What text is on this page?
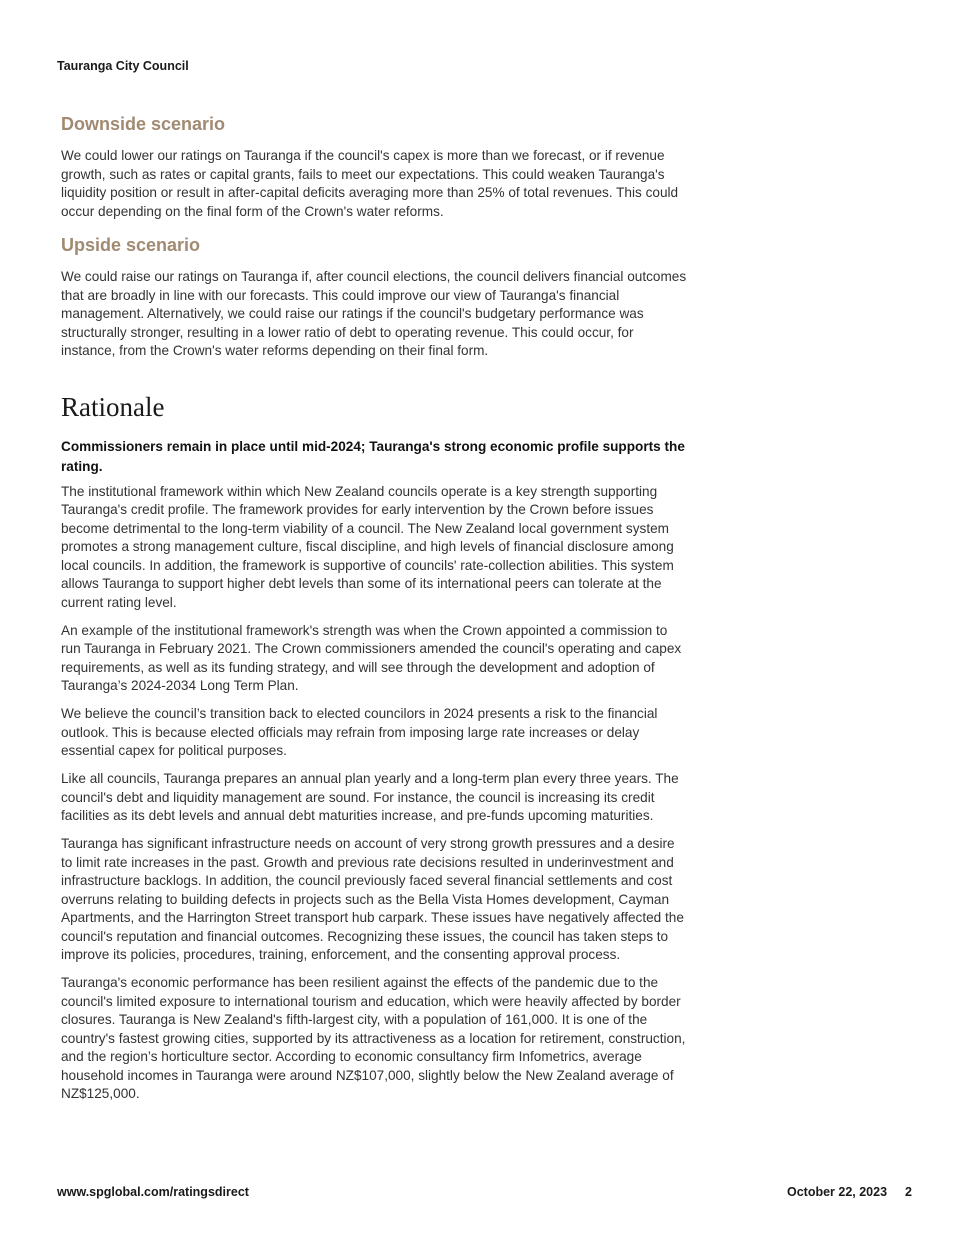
Tauranga City Council
Downside scenario

We could lower our ratings on Tauranga if the council's capex is more than we forecast, or if revenue growth, such as rates or capital grants, fails to meet our expectations. This could weaken Tauranga's liquidity position or result in after-capital deficits averaging more than 25% of total revenues. This could occur depending on the final form of the Crown's water reforms.

Upside scenario

We could raise our ratings on Tauranga if, after council elections, the council delivers financial outcomes that are broadly in line with our forecasts. This could improve our view of Tauranga's financial management. Alternatively, we could raise our ratings if the council's budgetary performance was structurally stronger, resulting in a lower ratio of debt to operating revenue. This could occur, for instance, from the Crown's water reforms depending on their final form.

Rationale

Commissioners remain in place until mid-2024; Tauranga's strong economic profile supports the rating.

The institutional framework within which New Zealand councils operate is a key strength supporting Tauranga's credit profile. The framework provides for early intervention by the Crown before issues become detrimental to the long-term viability of a council. The New Zealand local government system promotes a strong management culture, fiscal discipline, and high levels of financial disclosure among local councils. In addition, the framework is supportive of councils' rate-collection abilities. This system allows Tauranga to support higher debt levels than some of its international peers can tolerate at the current rating level.

An example of the institutional framework's strength was when the Crown appointed a commission to run Tauranga in February 2021. The Crown commissioners amended the council's operating and capex requirements, as well as its funding strategy, and will see through the development and adoption of Tauranga’s 2024-2034 Long Term Plan.

We believe the council’s transition back to elected councilors in 2024 presents a risk to the financial outlook. This is because elected officials may refrain from imposing large rate increases or delay essential capex for political purposes.

Like all councils, Tauranga prepares an annual plan yearly and a long-term plan every three years. The council's debt and liquidity management are sound. For instance, the council is increasing its credit facilities as its debt levels and annual debt maturities increase, and pre-funds upcoming maturities.

Tauranga has significant infrastructure needs on account of very strong growth pressures and a desire to limit rate increases in the past. Growth and previous rate decisions resulted in underinvestment and infrastructure backlogs. In addition, the council previously faced several financial settlements and cost overruns relating to building defects in projects such as the Bella Vista Homes development, Cayman Apartments, and the Harrington Street transport hub carpark. These issues have negatively affected the council's reputation and financial outcomes. Recognizing these issues, the council has taken steps to improve its policies, procedures, training, enforcement, and the consenting approval process.

Tauranga's economic performance has been resilient against the effects of the pandemic due to the council's limited exposure to international tourism and education, which were heavily affected by border closures. Tauranga is New Zealand's fifth-largest city, with a population of 161,000. It is one of the country's fastest growing cities, supported by its attractiveness as a location for retirement, construction, and the region’s horticulture sector. According to economic consultancy firm Infometrics, average household incomes in Tauranga were around NZ$107,000, slightly below the New Zealand average of NZ$125,000.

www.spglobal.com/ratingsdirect	October 22, 2023 2
